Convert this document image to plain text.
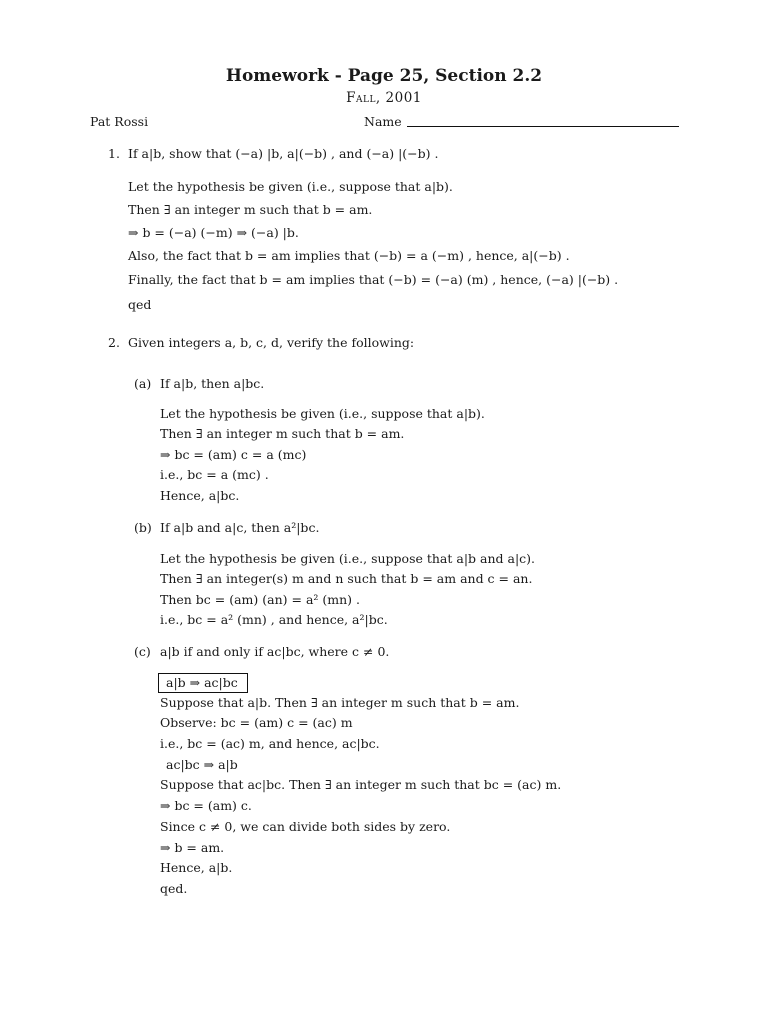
Homework - Page 25, Section 2.2
Fall, 2001
Pat Rossi	Name
1. If a|b, show that (−a) |b, a|(−b) , and (−a) |(−b) .
Let the hypothesis be given (i.e., suppose that a|b).
Then ∃ an integer m such that b = am.
⇒ b = (−a) (−m) ⇒ (−a) |b.
Also, the fact that b = am implies that (−b) = a (−m) , hence, a|(−b) .
Finally, the fact that b = am implies that (−b) = (−a) (m) , hence, (−a) |(−b) .
qed
2. Given integers a, b, c, d, verify the following:
(a) If a|b, then a|bc.
Let the hypothesis be given (i.e., suppose that a|b).
Then ∃ an integer m such that b = am.
⇒ bc = (am) c = a (mc)
i.e., bc = a (mc) .
Hence, a|bc.
(b) If a|b and a|c, then a²|bc.
Let the hypothesis be given (i.e., suppose that a|b and a|c).
Then ∃ an integer(s) m and n such that b = am and c = an.
Then bc = (am) (an) = a² (mn) .
i.e., bc = a² (mn) , and hence, a²|bc.
(c) a|b if and only if ac|bc, where c ≠ 0.
a|b ⇒ ac|bc
Suppose that a|b. Then ∃ an integer m such that b = am.
Observe: bc = (am) c = (ac) m
i.e., bc = (ac) m, and hence, ac|bc.
ac|bc ⇒ a|b
Suppose that ac|bc. Then ∃ an integer m such that bc = (ac) m.
⇒ bc = (am) c.
Since c ≠ 0, we can divide both sides by zero.
⇒ b = am.
Hence, a|b.
qed.
